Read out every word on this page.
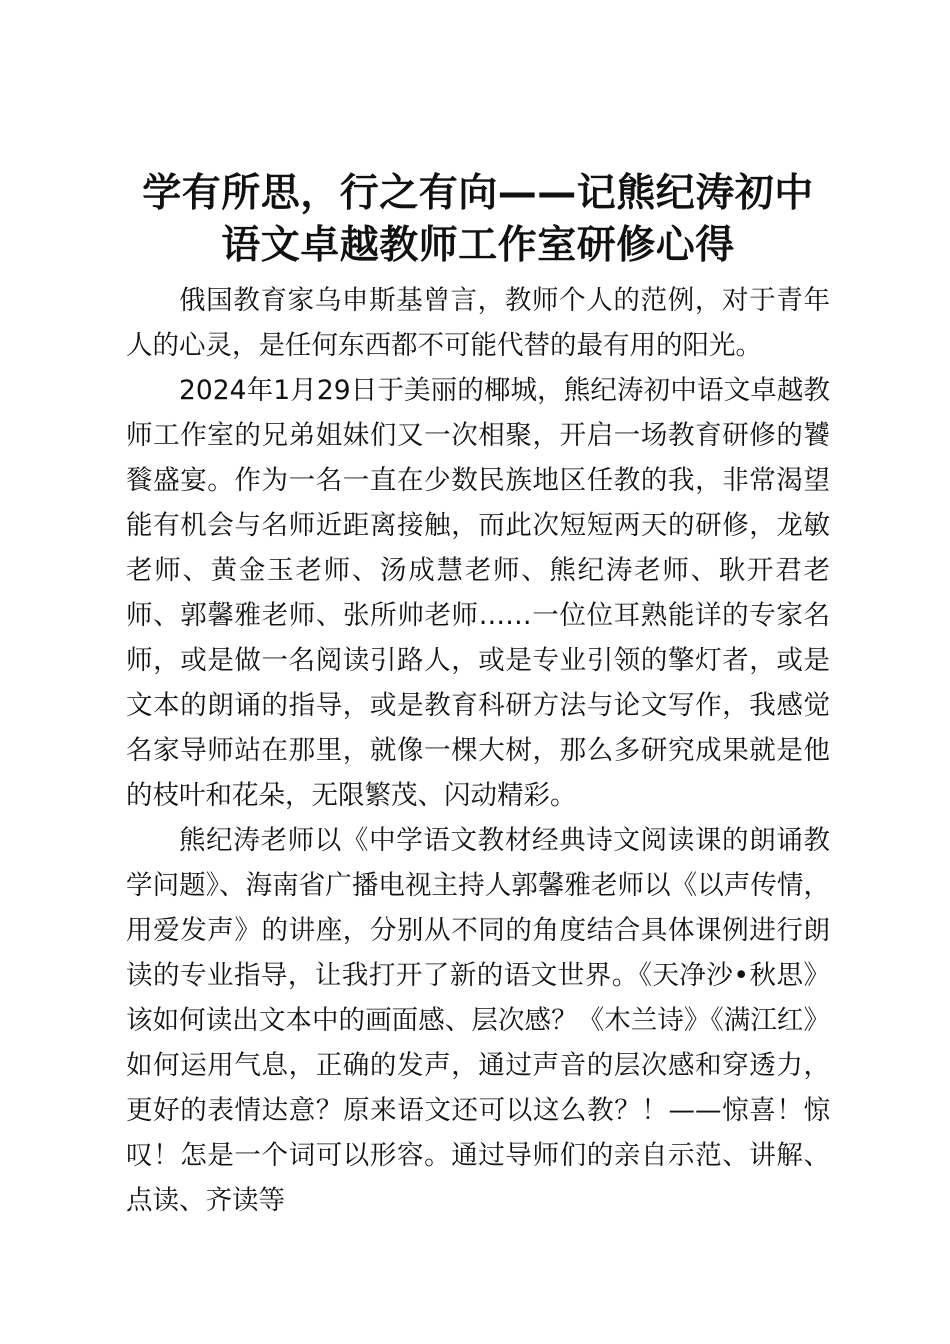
学有所思，行之有向——记熊纪涛初中语文卓越教师工作室研修心得

俄国教育家乌申斯基曾言，教师个人的范例，对于青年人的心灵，是任何东西都不可能代替的最有用的阳光。

2024年1月29日于美丽的椰城，熊纪涛初中语文卓越教师工作室的兄弟姐妹们又一次相聚，开启一场教育研修的饕餮盛宴。作为一名一直在少数民族地区任教的我，非常渴望能有机会与名师近距离接触，而此次短短两天的研修，龙敏老师、黄金玉老师、汤成慧老师、熊纪涛老师、耿开君老师、郭馨雅老师、张所帅老师……一位位耳熟能详的专家名师，或是做一名阅读引路人，或是专业引领的擎灯者，或是文本的朗诵的指导，或是教育科研方法与论文写作，我感觉名家导师站在那里，就像一棵大树，那么多研究成果就是他的枝叶和花朵，无限繁茂、闪动精彩。

熊纪涛老师以《中学语文教材经典诗文阅读课的朗诵教学问题》、海南省广播电视主持人郭馨雅老师以《以声传情，用爱发声》的讲座，分别从不同的角度结合具体课例进行朗读的专业指导，让我打开了新的语文世界。《天净沙•秋思》该如何读出文本中的画面感、层次感？《木兰诗》《满江红》如何运用气息，正确的发声，通过声音的层次感和穿透力，更好的表情达意？原来语文还可以这么教？！——惊喜！惊叹！怎是一个词可以形容。通过导师们的亲自示范、讲解、点读、齐读等
